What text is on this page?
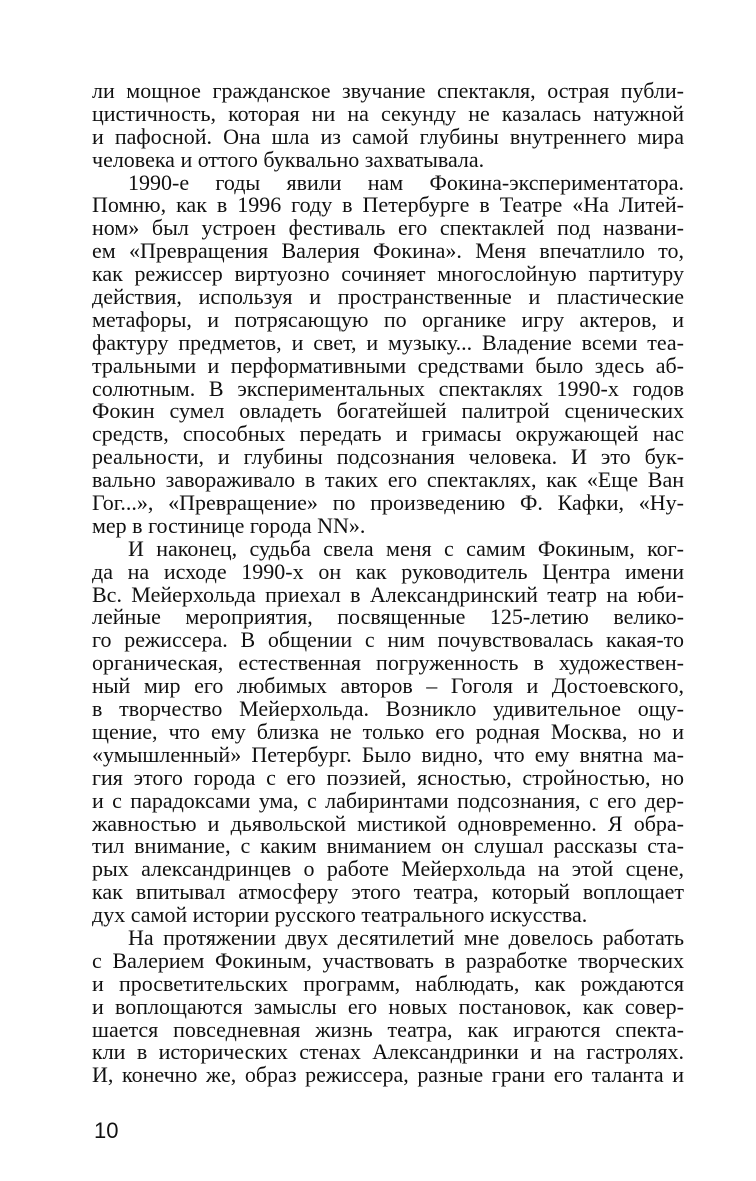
ли мощное гражданское звучание спектакля, острая публи-
цистичность, которая ни на секунду не казалась натужной
и пафосной. Она шла из самой глубины внутреннего мира
человека и оттого буквально захватывала.
1990-е годы явили нам Фокина-экспериментатора.
Помню, как в 1996 году в Петербурге в Театре «На Литей-
ном» был устроен фестиваль его спектаклей под названи-
ем «Превращения Валерия Фокина». Меня впечатлило то,
как режиссер виртуозно сочиняет многослойную партитуру
действия, используя и пространственные и пластические
метафоры, и потрясающую по органике игру актеров, и
фактуру предметов, и свет, и музыку... Владение всеми теа-
тральными и перформативными средствами было здесь аб-
солютным. В экспериментальных спектаклях 1990-х годов
Фокин сумел овладеть богатейшей палитрой сценических
средств, способных передать и гримасы окружающей нас
реальности, и глубины подсознания человека. И это бук-
вально завораживало в таких его спектаклях, как «Еще Ван
Гог...», «Превращение» по произведению Ф. Кафки, «Ну-
мер в гостинице города NN».
И наконец, судьба свела меня с самим Фокиным, ког-
да на исходе 1990-х он как руководитель Центра имени
Вс. Мейерхольда приехал в Александринский театр на юби-
лейные мероприятия, посвященные 125-летию велико-
го режиссера. В общении с ним почувствовалась какая-то
органическая, естественная погруженность в художествен-
ный мир его любимых авторов – Гоголя и Достоевского,
в творчество Мейерхольда. Возникло удивительное ощу-
щение, что ему близка не только его родная Москва, но и
«умышленный» Петербург. Было видно, что ему внятна ма-
гия этого города с его поэзией, ясностью, стройностью, но
и с парадоксами ума, с лабиринтами подсознания, с его дер-
жавностью и дьявольской мистикой одновременно. Я обра-
тил внимание, с каким вниманием он слушал рассказы ста-
рых александринцев о работе Мейерхольда на этой сцене,
как впитывал атмосферу этого театра, который воплощает
дух самой истории русского театрального искусства.
На протяжении двух десятилетий мне довелось работать
с Валерием Фокиным, участвовать в разработке творческих
и просветительских программ, наблюдать, как рождаются
и воплощаются замыслы его новых постановок, как совер-
шается повседневная жизнь театра, как играются спекта-
кли в исторических стенах Александринки и на гастролях.
И, конечно же, образ режиссера, разные грани его таланта и
10
